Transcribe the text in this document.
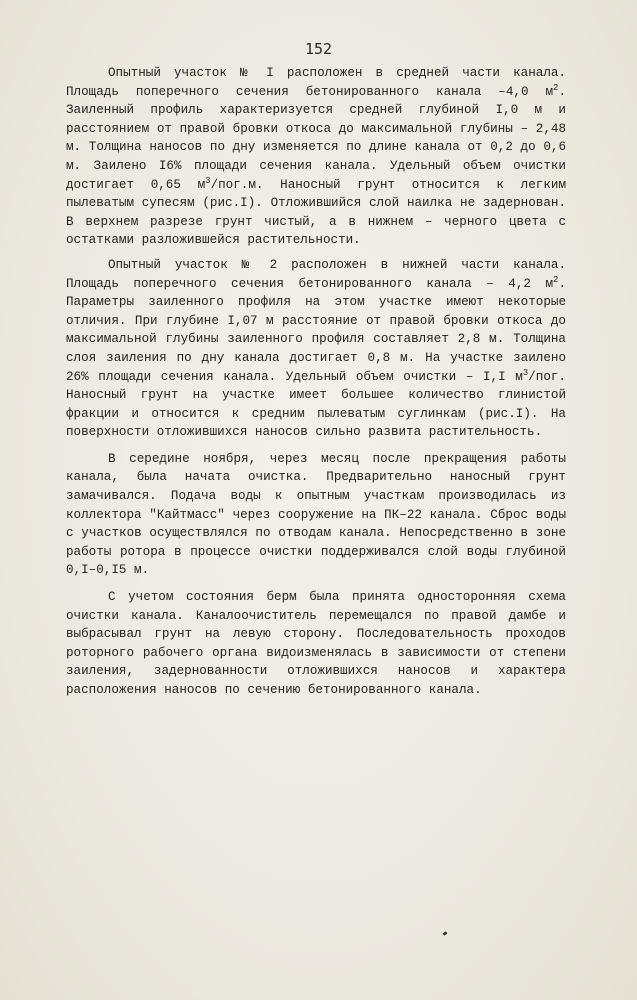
152

Опытный участок № I расположен в средней части канала. Площадь поперечного сечения бетонированного канала –4,0 $м^2$. Заиленный профиль характеризуется средней глубиной I,0 м и расстоянием от правой бровки откоса до максимальной глубины – 2,48 м. Толщина наносов по дну изменяется по длине канала от 0,2 до 0,6 м. Заилено I6% площади сечения канала. Удельный объем очистки достигает 0,65 $м^3/пог.м$. Наносный грунт относится к легким пылеватым супесям (рис.I). Отложившийся слой наилка не задернован. В верхнем разрезе грунт чистый, а в нижнем – черного цвета с остатками разложившейся растительности.

Опытный участок № 2 расположен в нижней части канала. Площадь поперечного сечения бетонированного канала – 4,2 $м^2$. Параметры заиленного профиля на этом участке имеют некоторые отличия. При глубине I,07 м расстояние от правой бровки откоса до максимальной глубины заиленного профиля составляет 2,8 м. Толщина слоя заиления по дну канала достигает 0,8 м. На участке заилено 26% площади сечения канала. Удельный объем очистки – I,I $м^3$/пог. Наносный грунт на участке имеет большее количество глинистой фракции и относится к средним пылеватым суглинкам (рис.I). На поверхности отложившихся наносов сильно развита растительность.

В середине ноября, через месяц после прекращения работы канала, была начата очистка. Предварительно наносный грунт замачивался. Подача воды к опытным участкам производилась из коллектора "Кайтмасс" через сооружение на ПК–22 канала. Сброс воды с участков осуществлялся по отводам канала. Непосредственно в зоне работы ротора в процессе очистки поддерживался слой воды глубиной 0,I–0,I5 м.

С учетом состояния берм была принята односторонняя схема очистки канала. Каналоочиститель перемещался по правой дамбе и выбрасывал грунт на левую сторону. Последовательность проходов роторного рабочего органа видоизменялась в зависимости от степени заиления, задернованности отложившихся наносов и характера расположения наносов по сечению бетонированного канала.
